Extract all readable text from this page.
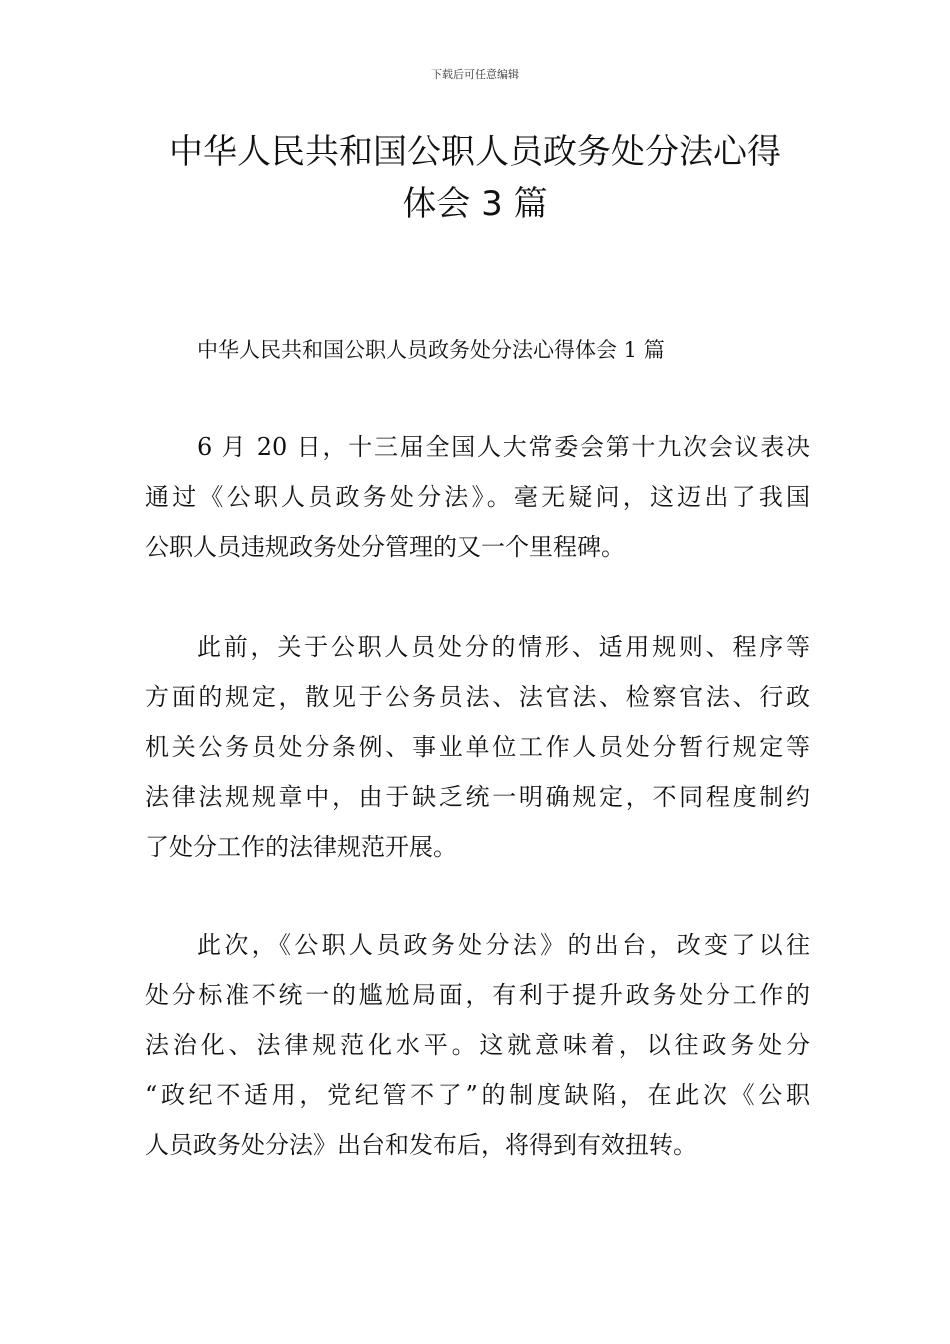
下载后可任意编辑
中华人民共和国公职人员政务处分法心得
体会 3 篇
中华人民共和国公职人员政务处分法心得体会 1 篇

6 月 20 日，十三届全国人大常委会第十九次会议表决
通过《公职人员政务处分法》。毫无疑问，这迈出了我国
公职人员违规政务处分管理的又一个里程碑。

此前，关于公职人员处分的情形、适用规则、程序等
方面的规定，散见于公务员法、法官法、检察官法、行政
机关公务员处分条例、事业单位工作人员处分暂行规定等
法律法规规章中，由于缺乏统一明确规定，不同程度制约
了处分工作的法律规范开展。

此次，《公职人员政务处分法》的出台，改变了以往
处分标准不统一的尴尬局面，有利于提升政务处分工作的
法治化、法律规范化水平。这就意味着，以往政务处分
“政纪不适用，党纪管不了”的制度缺陷，在此次《公职
人员政务处分法》出台和发布后，将得到有效扭转。
